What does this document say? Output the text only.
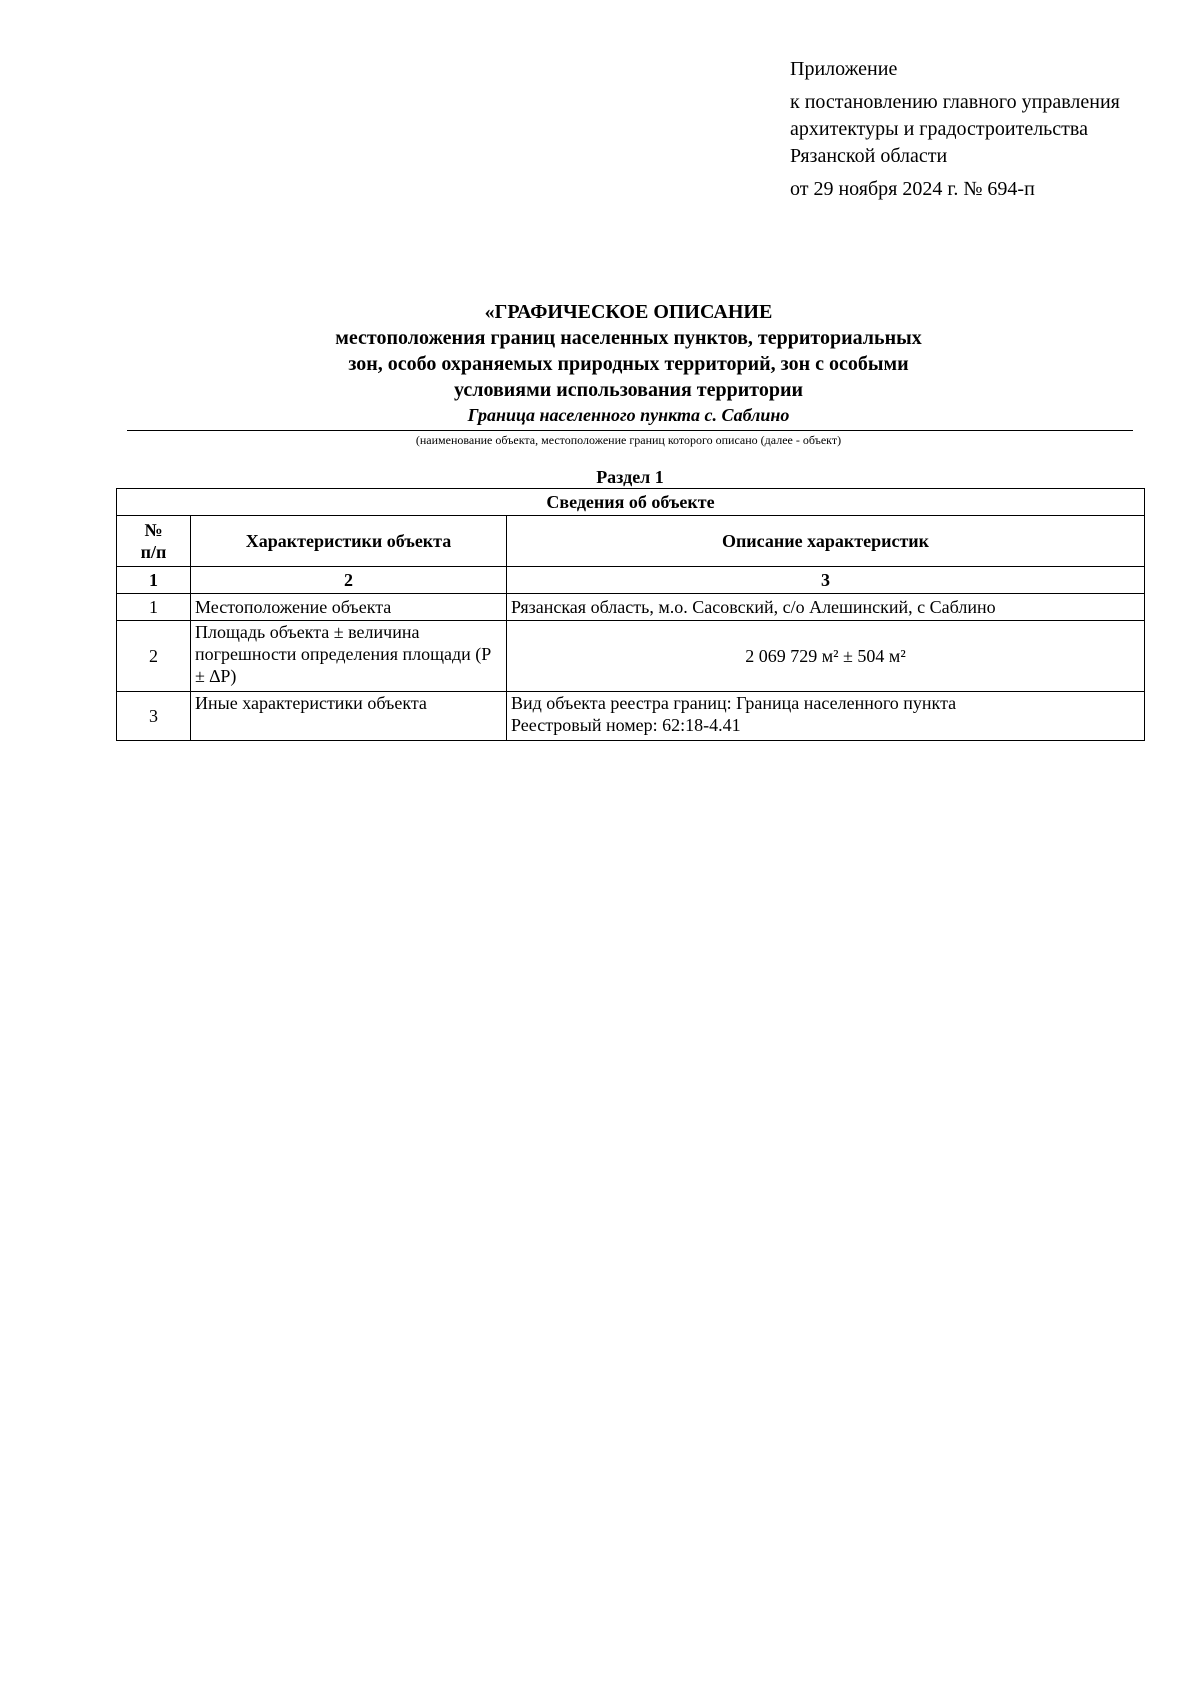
Приложение
к постановлению главного управления
архитектуры и градостроительства
Рязанской области
от 29 ноября 2024 г. № 694-п
«ГРАФИЧЕСКОЕ ОПИСАНИЕ
местоположения границ населенных пунктов, территориальных
зон, особо охраняемых природных территорий, зон с особыми
условиями использования территории
Граница населенного пункта с. Саблино
(наименование объекта, местоположение границ которого описано (далее - объект)
Раздел 1
Сведения об объекте		
№
п/п	Характеристики объекта	Описание характеристик
1	2	3
1	Местоположение объекта	Рязанская область, м.о. Сасовский, с/о Алешинский, с Саблино
2	Площадь объекта ± величина погрешности определения площади (P ± ∆P)	2 069 729 м² ± 504 м²
3	Иные характеристики объекта	Вид объекта реестра границ: Граница населенного пункта
Реестровый номер: 62:18-4.41
